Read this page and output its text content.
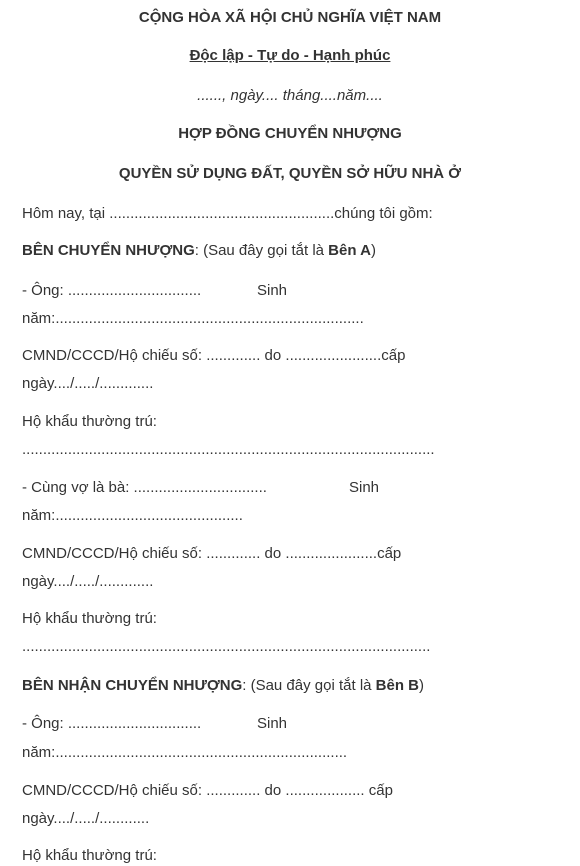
CỘNG HÒA XÃ HỘI CHỦ NGHĨA VIỆT NAM
Độc lập - Tự do - Hạnh phúc
......, ngày.... tháng....năm....
HỢP ĐỒNG CHUYỂN NHƯỢNG
QUYỀN SỬ DỤNG ĐẤT, QUYỀN SỞ HỮU NHÀ Ở
Hôm nay, tại ......................................................chúng tôi gồm:
BÊN CHUYỂN NHƯỢNG: (Sau đây gọi tắt là Bên A)
- Ông: ................................	Sinh
năm:..........................................................................
CMND/CCCD/Hộ chiếu số: ............. do .......................cấp
ngày..../...../.............
Hộ khẩu thường trú:
...................................................................................................
- Cùng vợ là bà: ................................	Sinh
năm:.............................................
CMND/CCCD/Hộ chiếu số: ............. do ......................cấp
ngày..../...../.............
Hộ khẩu thường trú:
..................................................................................................
BÊN NHẬN CHUYỂN NHƯỢNG: (Sau đây gọi tắt là Bên B)
- Ông: ................................	Sinh
năm:......................................................................
CMND/CCCD/Hộ chiếu số: ............. do ................... cấp
ngày..../...../............
Hộ khẩu thường trú:
